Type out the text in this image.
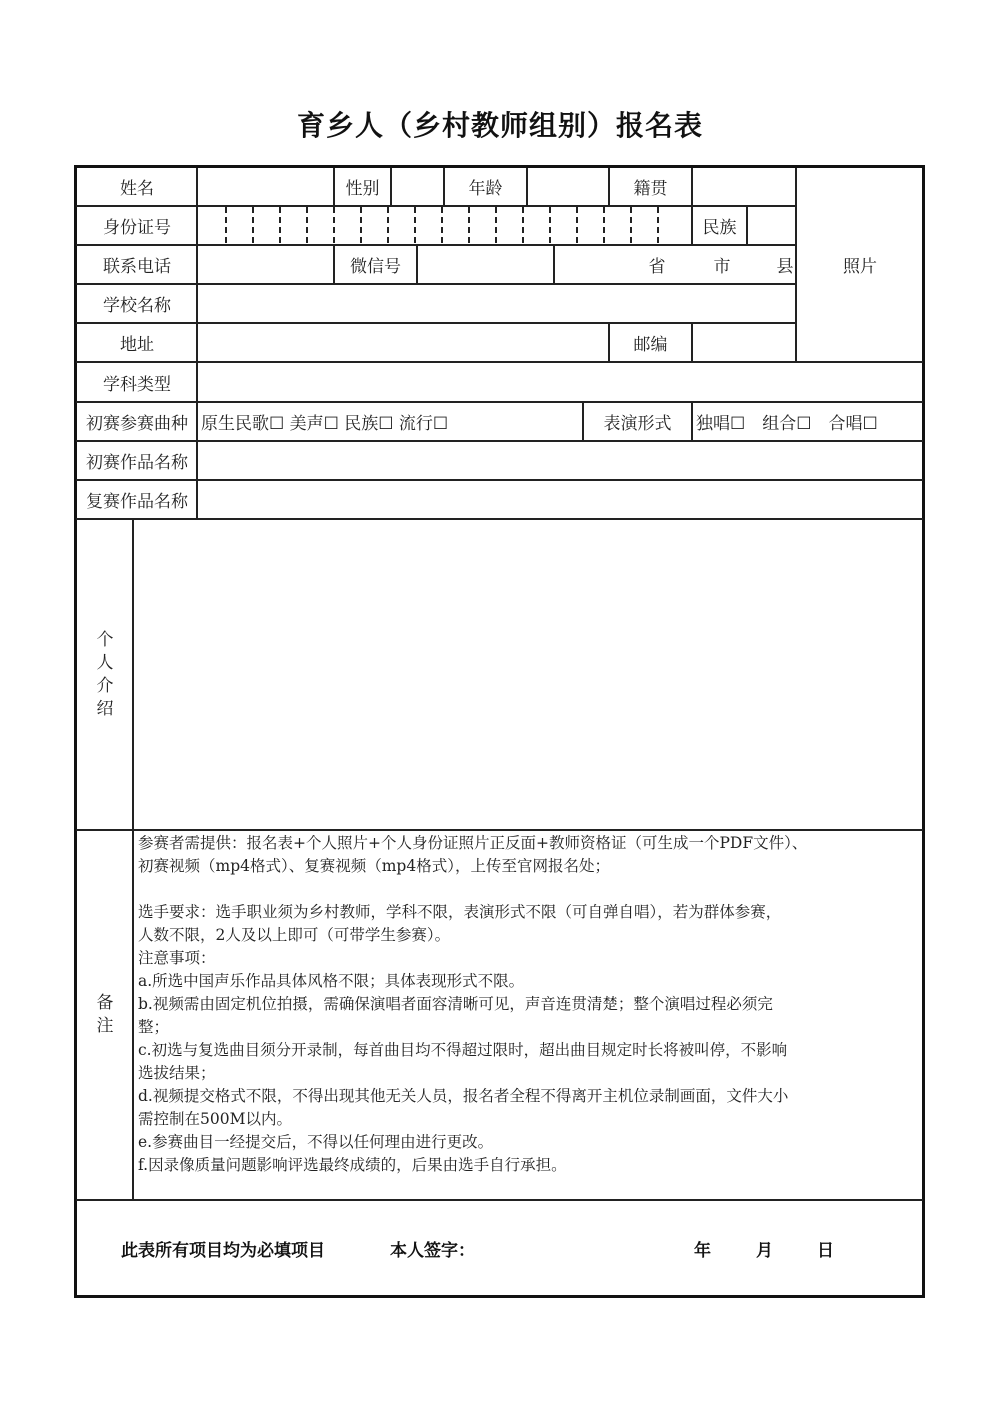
育乡人（乡村教师组别）报名表
姓名	性别	年龄	籍贯
身份证号	民族
联系电话	微信号	省	市	县	照片
学校名称
地址	邮编
学科类型
初赛参赛曲种 原生民歌☐ 美声☐ 民族☐ 流行☐	表演形式	独唱☐　组合☐　合唱☐
初赛作品名称
复赛作品名称
个
人
介
绍
备
注
参赛者需提供：报名表+个人照片+个人身份证照片正反面+教师资格证（可生成一个PDF文件）、
初赛视频（mp4格式）、复赛视频（mp4格式），上传至官网报名处；
选手要求：选手职业须为乡村教师，学科不限，表演形式不限（可自弹自唱），若为群体参赛，
人数不限，2人及以上即可（可带学生参赛）。
注意事项：
a.所选中国声乐作品具体风格不限；具体表现形式不限。
b.视频需由固定机位拍摄，需确保演唱者面容清晰可见，声音连贯清楚；整个演唱过程必须完
整；
c.初选与复选曲目须分开录制，每首曲目均不得超过限时，超出曲目规定时长将被叫停，不影响
选拔结果；
d.视频提交格式不限，不得出现其他无关人员，报名者全程不得离开主机位录制画面，文件大小
需控制在500M以内。
e.参赛曲目一经提交后，不得以任何理由进行更改。
f.因录像质量问题影响评选最终成绩的，后果由选手自行承担。
此表所有项目均为必填项目	本人签字：	年	月	日
